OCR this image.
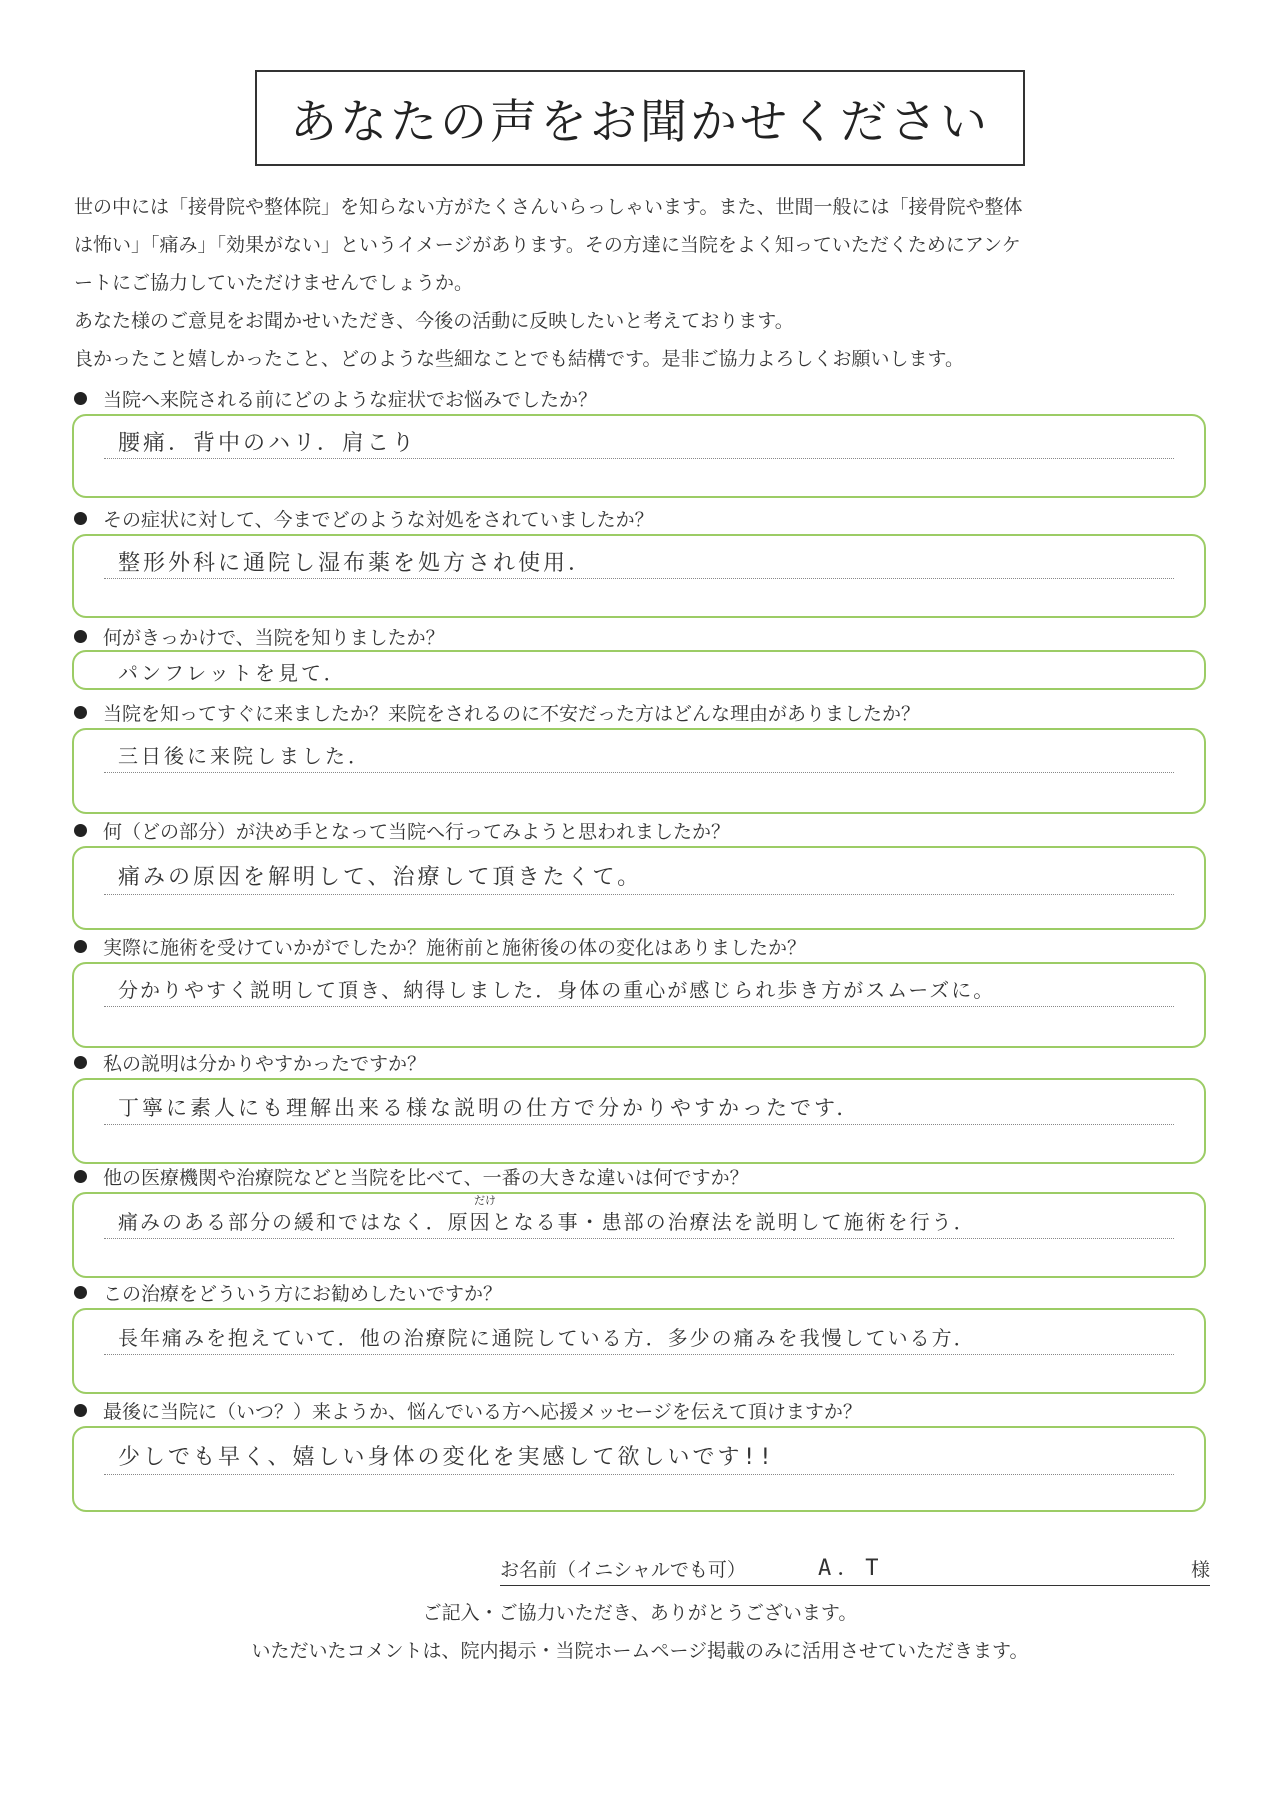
あなたの声をお聞かせください

世の中には「接骨院や整体院」を知らない方がたくさんいらっしゃいます。また、世間一般には「接骨院や整体

は怖い」「痛み」「効果がない」というイメージがあります。その方達に当院をよく知っていただくためにアンケ

ートにご協力していただけませんでしょうか。

あなた様のご意見をお聞かせいただき、今後の活動に反映したいと考えております。

良かったこと嬉しかったこと、どのような些細なことでも結構です。是非ご協力よろしくお願いします。

当院へ来院される前にどのような症状でお悩みでしたか？
腰痛．背中のハリ．肩こり
その症状に対して、今までどのような対処をされていましたか？
整形外科に通院し湿布薬を処方され使用．
何がきっかけで、当院を知りましたか？
パンフレットを見て．
当院を知ってすぐに来ましたか？来院をされるのに不安だった方はどんな理由がありましたか？
三日後に来院しました．
何（どの部分）が決め手となって当院へ行ってみようと思われましたか？
痛みの原因を解明して、治療して頂きたくて。
実際に施術を受けていかがでしたか？施術前と施術後の体の変化はありましたか？
分かりやすく説明して頂き、納得しました．身体の重心が感じられ歩き方がスムーズに。
私の説明は分かりやすかったですか？
丁寧に素人にも理解出来る様な説明の仕方で分かりやすかったです．
他の医療機関や治療院などと当院を比べて、一番の大きな違いは何ですか？
だけ
痛みのある部分の緩和ではなく．原因となる事・患部の治療法を説明して施術を行う．
この治療をどういう方にお勧めしたいですか？
長年痛みを抱えていて．他の治療院に通院している方．多少の痛みを我慢している方．
最後に当院に（いつ？）来ようか、悩んでいる方へ応援メッセージを伝えて頂けますか？
少しでも早く、嬉しい身体の変化を実感して欲しいです!!
お名前（イニシャルでも可）	A．T	様
ご記入・ご協力いただき、ありがとうございます。
いただいたコメントは、院内掲示・当院ホームページ掲載のみに活用させていただきます。
